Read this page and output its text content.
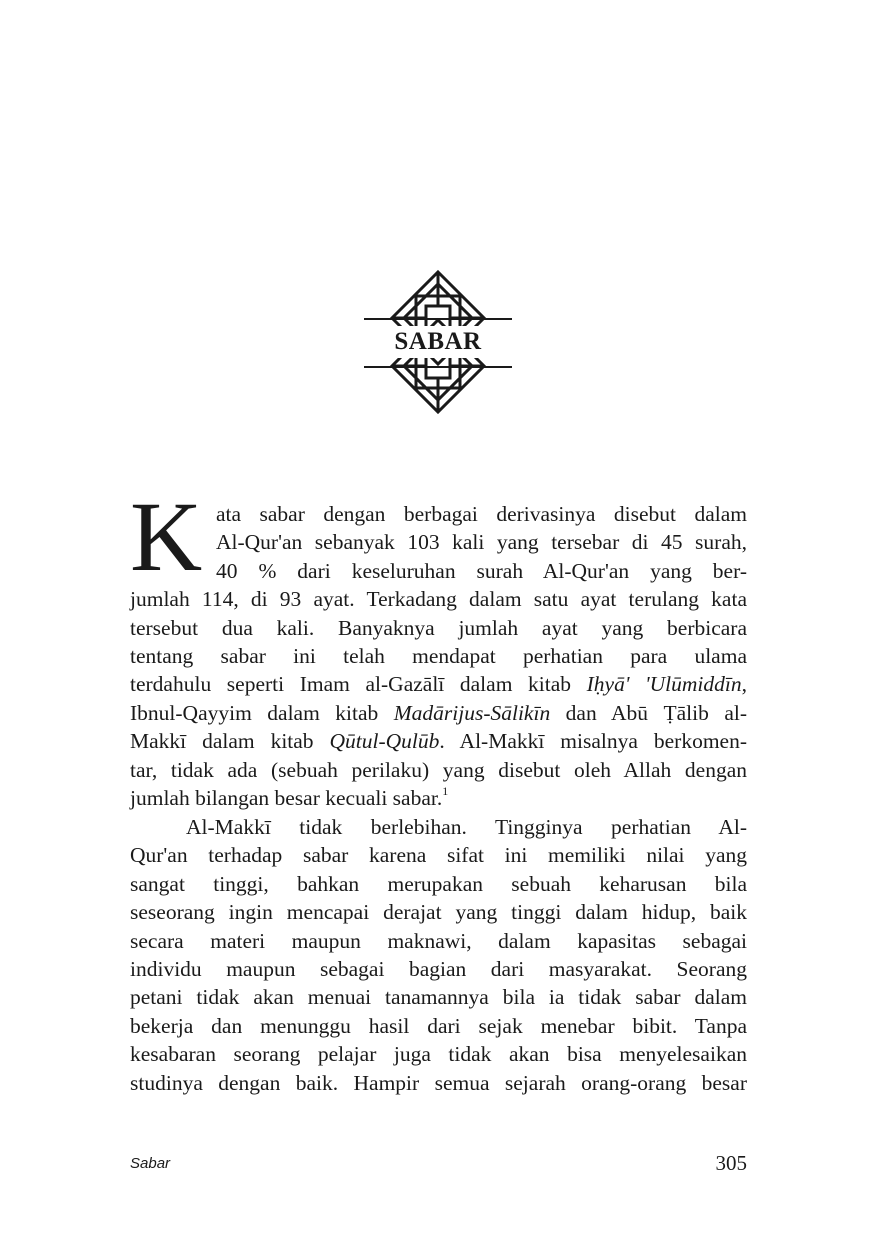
SABAR
K ata sabar dengan berbagai derivasinya disebut dalam
Al-Qur'an sebanyak 103 kali yang tersebar di 45 surah,
40 % dari keseluruhan surah Al-Qur'an yang ber-
jumlah 114, di 93 ayat. Terkadang dalam satu ayat terulang kata
tersebut dua kali. Banyaknya jumlah ayat yang berbicara
tentang sabar ini telah mendapat perhatian para ulama
terdahulu seperti Imam al-Gazālī dalam kitab Iḥyā' 'Ulūmiddīn,
Ibnul-Qayyim dalam kitab Madārijus-Sālikīn dan Abū Ṭālib al-
Makkī dalam kitab Qūtul-Qulūb. Al-Makkī misalnya berkomen-
tar, tidak ada (sebuah perilaku) yang disebut oleh Allah dengan
jumlah bilangan besar kecuali sabar.$^1$
Al-Makkī tidak berlebihan. Tingginya perhatian Al-
Qur'an terhadap sabar karena sifat ini memiliki nilai yang
sangat tinggi, bahkan merupakan sebuah keharusan bila
seseorang ingin mencapai derajat yang tinggi dalam hidup, baik
secara materi maupun maknawi, dalam kapasitas sebagai
individu maupun sebagai bagian dari masyarakat. Seorang
petani tidak akan menuai tanamannya bila ia tidak sabar dalam
bekerja dan menunggu hasil dari sejak menebar bibit. Tanpa
kesabaran seorang pelajar juga tidak akan bisa menyelesaikan
studinya dengan baik. Hampir semua sejarah orang-orang besar
Sabar	305
